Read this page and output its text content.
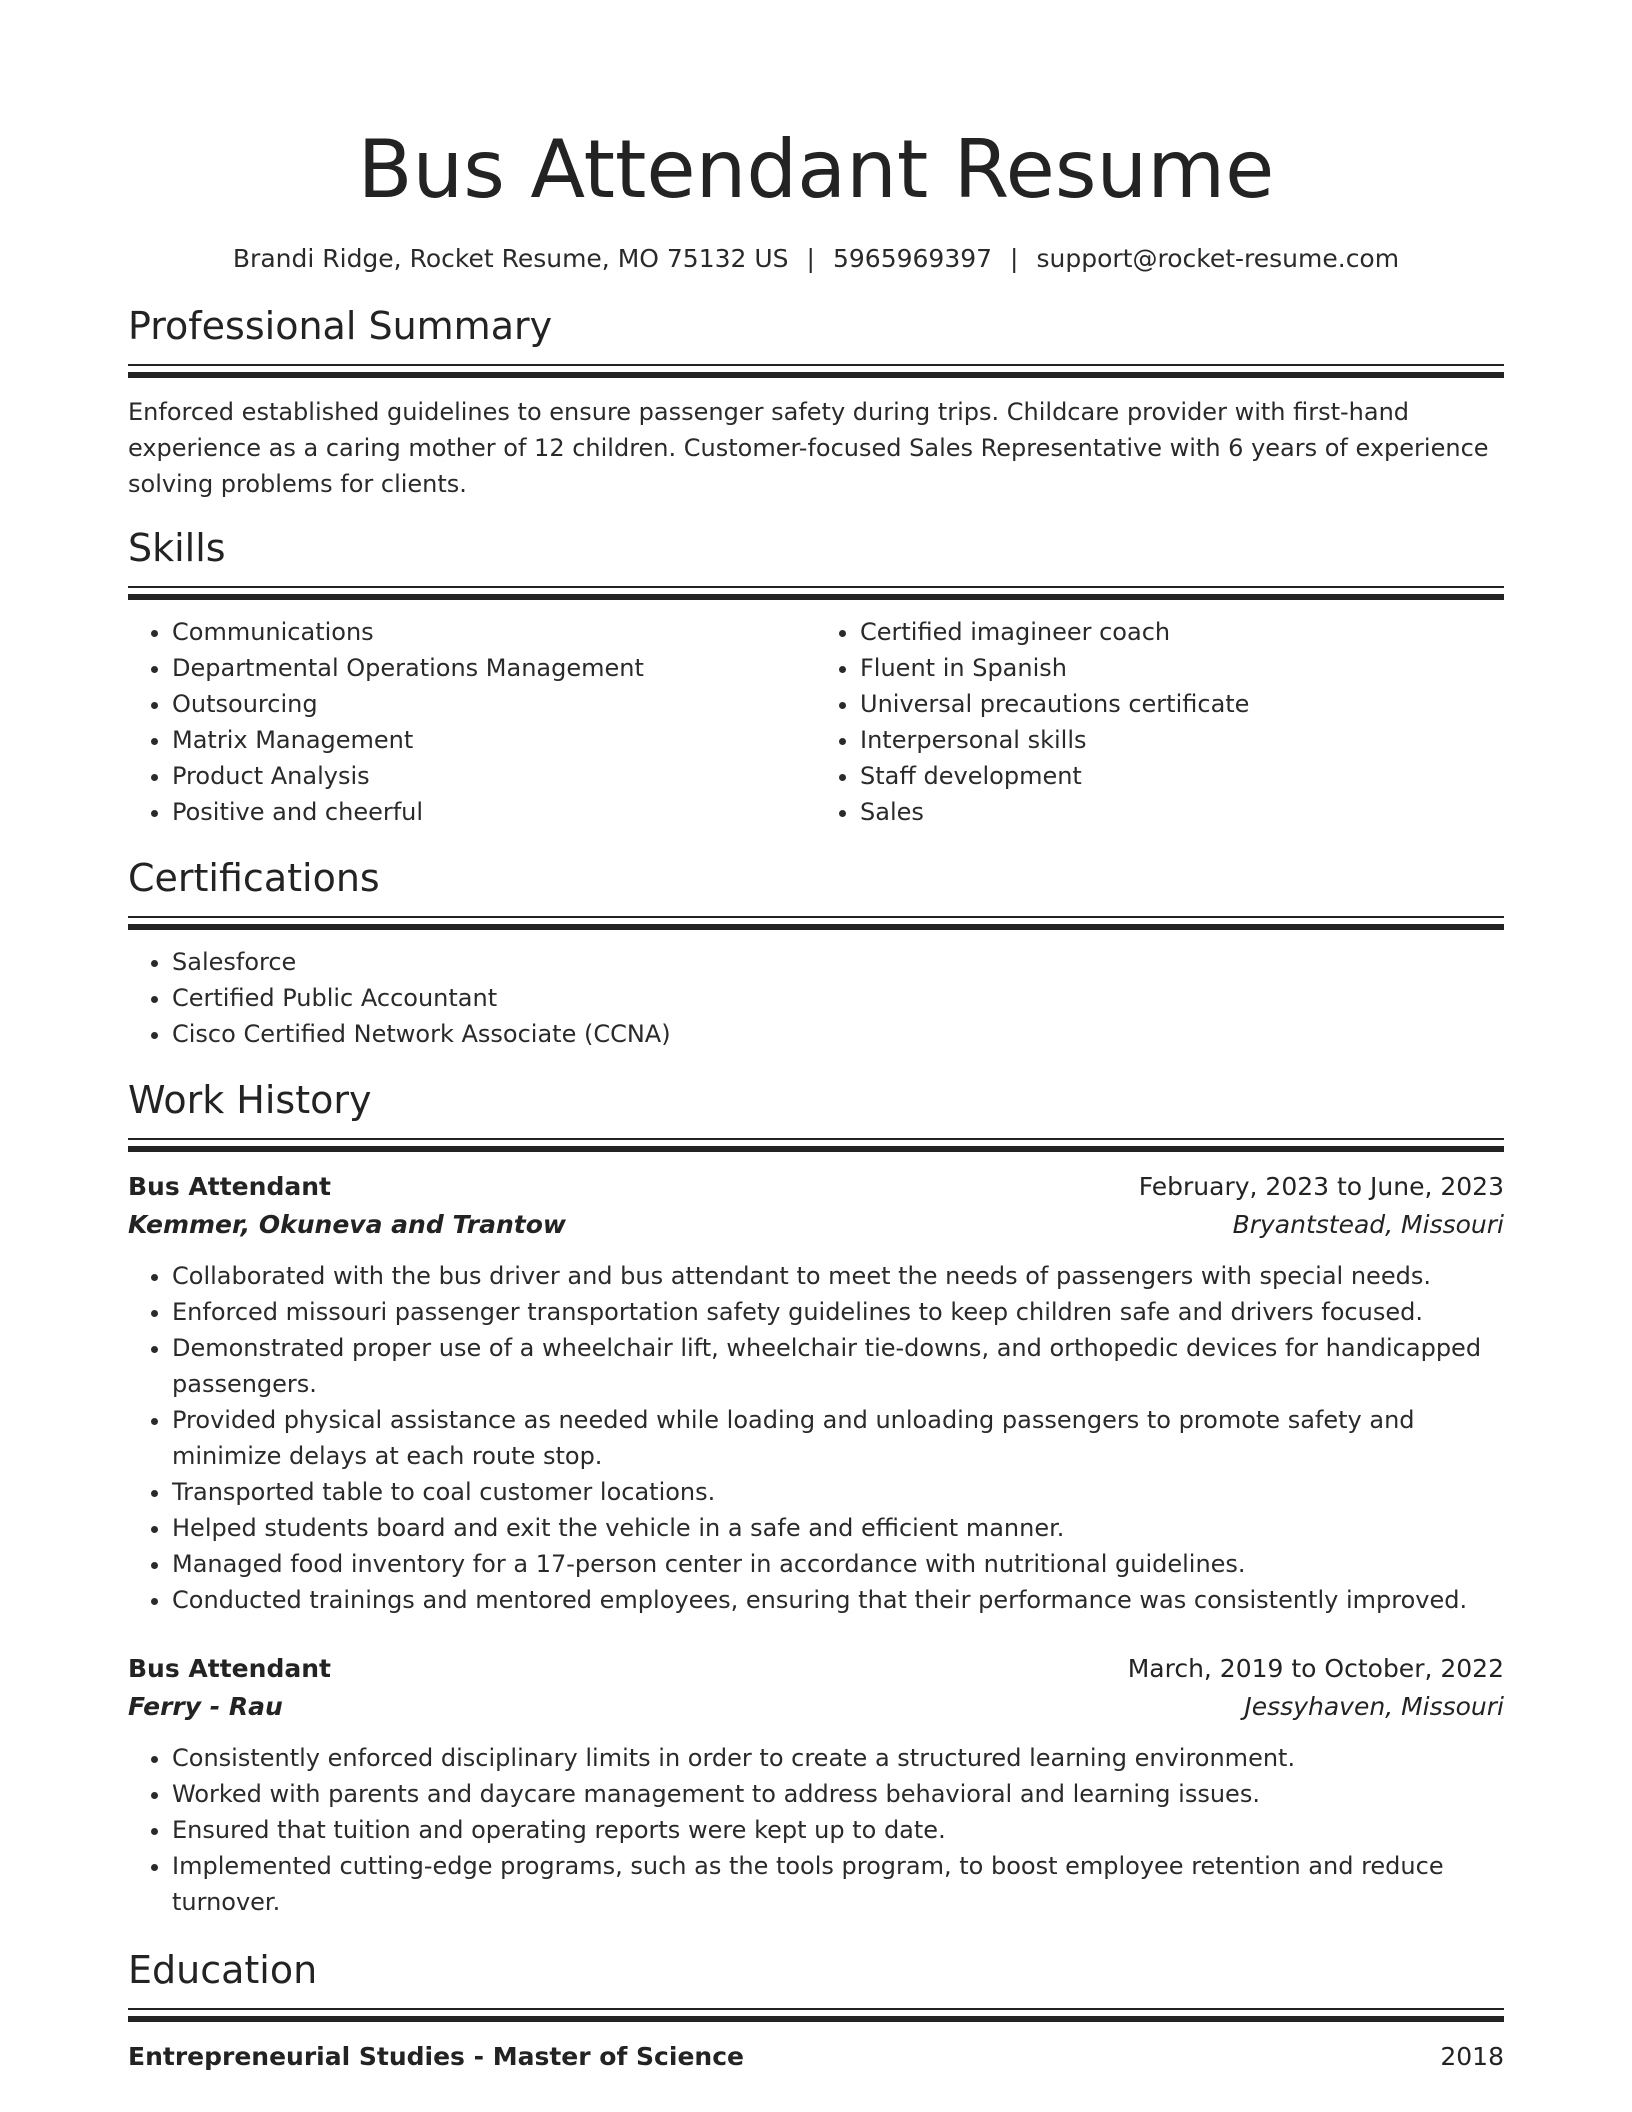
Bus Attendant Resume
Brandi Ridge, Rocket Resume, MO 75132 US | 5965969397 | support@rocket-resume.com
Professional Summary
Enforced established guidelines to ensure passenger safety during trips. Childcare provider with first-hand experience as a caring mother of 12 children. Customer-focused Sales Representative with 6 years of experience solving problems for clients.
Skills
• Communications
• Departmental Operations Management
• Outsourcing
• Matrix Management
• Product Analysis
• Positive and cheerful
• Certified imagineer coach
• Fluent in Spanish
• Universal precautions certificate
• Interpersonal skills
• Staff development
• Sales
Certifications
• Salesforce
• Certified Public Accountant
• Cisco Certified Network Associate (CCNA)
Work History
Bus Attendant	February, 2023 to June, 2023
Kemmer, Okuneva and Trantow	Bryantstead, Missouri
• Collaborated with the bus driver and bus attendant to meet the needs of passengers with special needs.
• Enforced missouri passenger transportation safety guidelines to keep children safe and drivers focused.
• Demonstrated proper use of a wheelchair lift, wheelchair tie-downs, and orthopedic devices for handicapped passengers.
• Provided physical assistance as needed while loading and unloading passengers to promote safety and minimize delays at each route stop.
• Transported table to coal customer locations.
• Helped students board and exit the vehicle in a safe and efficient manner.
• Managed food inventory for a 17-person center in accordance with nutritional guidelines.
• Conducted trainings and mentored employees, ensuring that their performance was consistently improved.
Bus Attendant	March, 2019 to October, 2022
Ferry - Rau	Jessyhaven, Missouri
• Consistently enforced disciplinary limits in order to create a structured learning environment.
• Worked with parents and daycare management to address behavioral and learning issues.
• Ensured that tuition and operating reports were kept up to date.
• Implemented cutting-edge programs, such as the tools program, to boost employee retention and reduce turnover.
Education
Entrepreneurial Studies - Master of Science	2018
